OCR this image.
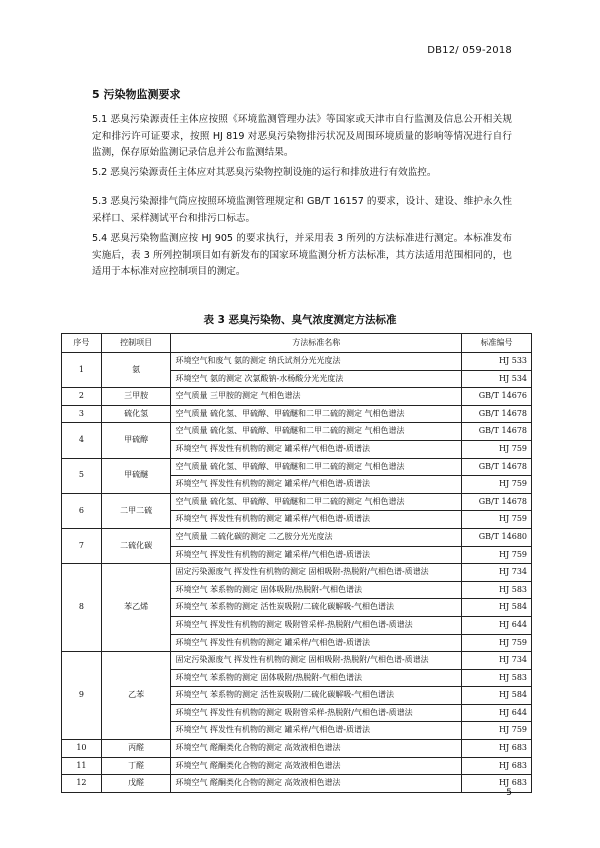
DB12/ 059-2018
5 污染物监测要求

5.1 恶臭污染源责任主体应按照《环境监测管理办法》等国家或天津市自行监测及信息公开相关规定和排污许可证要求，按照 HJ 819 对恶臭污染物排污状况及周围环境质量的影响等情况进行自行监测，保存原始监测记录信息并公布监测结果。

5.2 恶臭污染源责任主体应对其恶臭污染物控制设施的运行和排放进行有效监控。

5.3 恶臭污染源排气筒应按照环境监测管理规定和 GB/T 16157 的要求，设计、建设、维护永久性采样口、采样测试平台和排污口标志。

5.4 恶臭污染物监测应按 HJ 905 的要求执行，并采用表 3 所列的方法标准进行测定。本标准发布实施后，表 3 所列控制项目如有新发布的国家环境监测分析方法标准，其方法适用范围相同的，也适用于本标准对应控制项目的测定。

表 3 恶臭污染物、臭气浓度测定方法标准
序号	控制项目	方法标准名称	标准编号
1	氨	环境空气和废气 氨的测定 纳氏试剂分光光度法	HJ 533
		环境空气 氨的测定 次氯酸钠-水杨酸分光光度法	HJ 534
2	三甲胺	空气质量 三甲胺的测定 气相色谱法	GB/T 14676
3	硫化氢	空气质量 硫化氢、甲硫醇、甲硫醚和二甲二硫的测定 气相色谱法	GB/T 14678
4	甲硫醇	空气质量 硫化氢、甲硫醇、甲硫醚和二甲二硫的测定 气相色谱法	GB/T 14678
		环境空气 挥发性有机物的测定 罐采样/气相色谱-质谱法	HJ 759
5	甲硫醚	空气质量 硫化氢、甲硫醇、甲硫醚和二甲二硫的测定 气相色谱法	GB/T 14678
		环境空气 挥发性有机物的测定 罐采样/气相色谱-质谱法	HJ 759
6	二甲二硫	空气质量 硫化氢、甲硫醇、甲硫醚和二甲二硫的测定 气相色谱法	GB/T 14678
		环境空气 挥发性有机物的测定 罐采样/气相色谱-质谱法	HJ 759
7	二硫化碳	空气质量 二硫化碳的测定 二乙胺分光光度法	GB/T 14680
		环境空气 挥发性有机物的测定 罐采样/气相色谱-质谱法	HJ 759
8	苯乙烯	固定污染源废气 挥发性有机物的测定 固相吸附-热脱附/气相色谱-质谱法	HJ 734
		环境空气 苯系物的测定 固体吸附/热脱附-气相色谱法	HJ 583
		环境空气 苯系物的测定 活性炭吸附/二硫化碳解吸-气相色谱法	HJ 584
		环境空气 挥发性有机物的测定 吸附管采样-热脱附/气相色谱-质谱法	HJ 644
		环境空气 挥发性有机物的测定 罐采样/气相色谱-质谱法	HJ 759
9	乙苯	固定污染源废气 挥发性有机物的测定 固相吸附-热脱附/气相色谱-质谱法	HJ 734
		环境空气 苯系物的测定 固体吸附/热脱附-气相色谱法	HJ 583
		环境空气 苯系物的测定 活性炭吸附/二硫化碳解吸-气相色谱法	HJ 584
		环境空气 挥发性有机物的测定 吸附管采样-热脱附/气相色谱-质谱法	HJ 644
		环境空气 挥发性有机物的测定 罐采样/气相色谱-质谱法	HJ 759
10	丙醛	环境空气 醛酮类化合物的测定 高效液相色谱法	HJ 683
11	丁醛	环境空气 醛酮类化合物的测定 高效液相色谱法	HJ 683
12	戊醛	环境空气 醛酮类化合物的测定 高效液相色谱法	HJ 683
5
